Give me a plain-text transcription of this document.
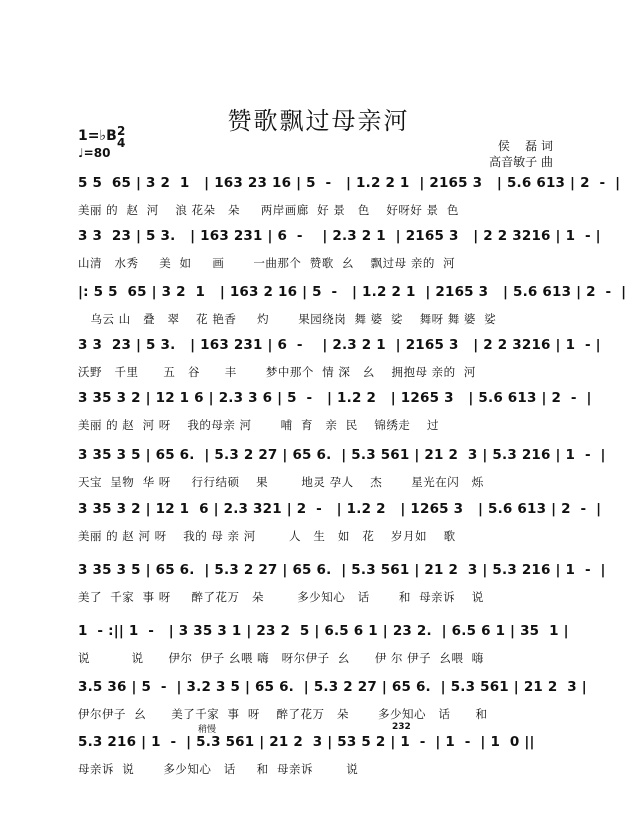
赞歌飘过母亲河
1=♭B 2
4
♩=80	侯    磊 词
高音敏子 曲
5 5  65 | 3 2  1   | 163 23 16 | 5  -   | 1.2 2 1  | 2165 3   | 5.6 613 | 2  -  |
美丽 的  赵  河    浪 花朵   朵     两岸画廊  好 景   色    好呀好 景  色
3 3  23 | 5 3.   | 163 231 | 6  -    | 2.3 2 1  | 2165 3   | 2 2 3216 | 1  - |
山清   水秀     美  如     画       一曲那个  赞歌  幺    飘过母 亲的  河
|: 5 5  65 | 3 2  1   | 163 2 16 | 5  -   | 1.2 2 1  | 2165 3   | 5.6 613 | 2  -  |
乌云 山   叠   翠    花 艳香     灼       果园绕岗  舞 婆  娑    舞呀 舞 婆  娑
3 3  23 | 5 3.   | 163 231 | 6  -    | 2.3 2 1  | 2165 3   | 2 2 3216 | 1  - |
沃野   千里      五   谷      丰       梦中那个  情 深   幺    拥抱母 亲的  河
3 35 3 2 | 12 1 6 | 2.3 3 6 | 5  -   | 1.2 2   | 1265 3   | 5.6 613 | 2  -  |
美丽 的 赵  河 呀    我的母亲 河       哺  育   亲  民    锦绣走    过
3 35 3 5 | 65 6.  | 5.3 2 27 | 65 6.  | 5.3 561 | 21 2  3 | 5.3 216 | 1  -  |
天宝  呈物  华 呀     行行结硕    果        地灵 孕人    杰       星光在闪   烁
3 35 3 2 | 12 1  6 | 2.3 321 | 2  -   | 1.2 2   | 1265 3   | 5.6 613 | 2  -  |
美丽 的 赵 河 呀    我的 母 亲 河        人   生   如   花    岁月如    歌
3 35 3 5 | 65 6.  | 5.3 2 27 | 65 6.  | 5.3 561 | 21 2  3 | 5.3 216 | 1  -  |
美了  千家  事 呀     醉了花万   朵        多少知心   话       和  母亲诉    说
1  - :|| 1  -   | 3 35 3 1 | 23 2  5 | 6.5 6 1 | 23 2.  | 6.5 6 1 | 35  1 |
说          说      伊尔  伊子 幺喂 嗨   呀尔伊子  幺      伊 尔 伊子  幺喂  嗨
3.5 36 | 5  -  | 3.2 3 5 | 65 6.  | 5.3 2 27 | 65 6.  | 5.3 561 | 21 2  3 |
伊尔伊子  幺      美了千家  事  呀    醉了花万   朵       多少知心   话      和
5.3 216 | 1  -  | 5.3 561 | 21 2  3 | 53 5 2 | 1  -  | 1  -  | 1  0 ||
母亲诉  说       多少知心   话     和  母亲诉        说
稍慢	232
